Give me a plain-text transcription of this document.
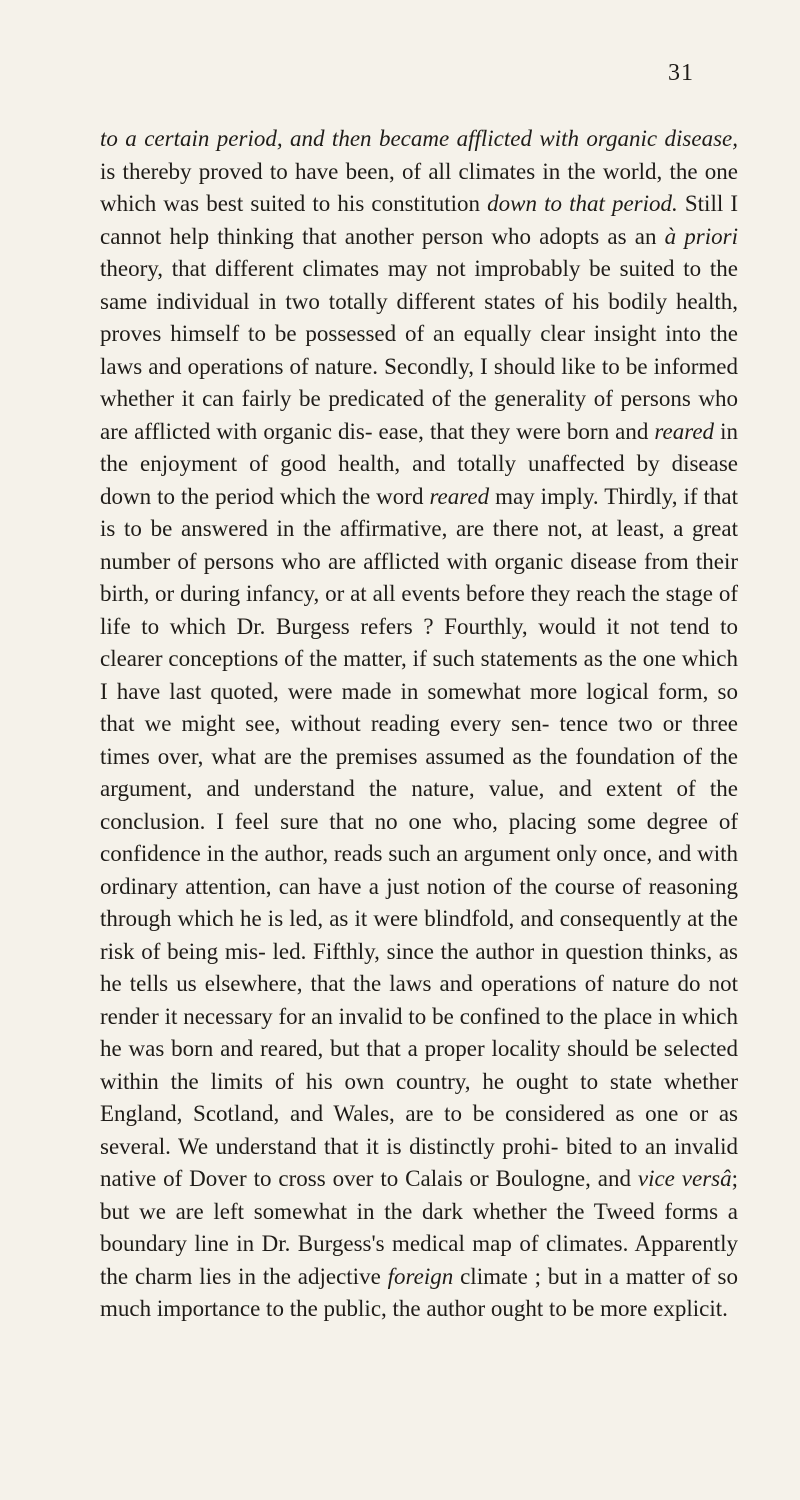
31

to a certain period, and then became afflicted with organic disease, is thereby proved to have been, of all climates in the world, the one which was best suited to his constitution down to that period. Still I cannot help thinking that another person who adopts as an à priori theory, that different climates may not improbably be suited to the same individual in two totally different states of his bodily health, proves himself to be possessed of an equally clear insight into the laws and operations of nature. Secondly, I should like to be informed whether it can fairly be predicated of the generality of persons who are afflicted with organic dis- ease, that they were born and reared in the enjoyment of good health, and totally unaffected by disease down to the period which the word reared may imply. Thirdly, if that is to be answered in the affirmative, are there not, at least, a great number of persons who are afflicted with organic disease from their birth, or during infancy, or at all events before they reach the stage of life to which Dr. Burgess refers ? Fourthly, would it not tend to clearer conceptions of the matter, if such statements as the one which I have last quoted, were made in somewhat more logical form, so that we might see, without reading every sen- tence two or three times over, what are the premises assumed as the foundation of the argument, and understand the nature, value, and extent of the conclusion. I feel sure that no one who, placing some degree of confidence in the author, reads such an argument only once, and with ordinary attention, can have a just notion of the course of reasoning through which he is led, as it were blindfold, and consequently at the risk of being mis- led. Fifthly, since the author in question thinks, as he tells us elsewhere, that the laws and operations of nature do not render it necessary for an invalid to be confined to the place in which he was born and reared, but that a proper locality should be selected within the limits of his own country, he ought to state whether England, Scotland, and Wales, are to be considered as one or as several. We understand that it is distinctly prohi- bited to an invalid native of Dover to cross over to Calais or Boulogne, and vice versâ; but we are left somewhat in the dark whether the Tweed forms a boundary line in Dr. Burgess's medical map of climates. Apparently the charm lies in the adjective foreign climate ; but in a matter of so much importance to the public, the author ought to be more explicit.
